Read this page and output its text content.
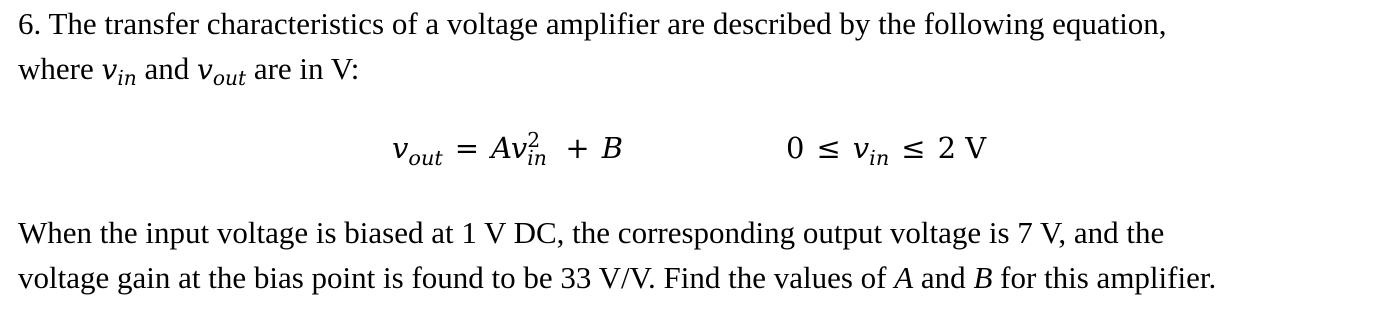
6. The transfer characteristics of a voltage amplifier are described by the following equation,
where $v_{in}$ and $v_{out}$ are in V:
$v_{out} = Av$ 2
in + B	$0 \le v_{in} \le 2$ V
When the input voltage is biased at 1 V DC, the corresponding output voltage is 7 V, and the
voltage gain at the bias point is found to be 33 V/V. Find the values of A and B for this amplifier.
